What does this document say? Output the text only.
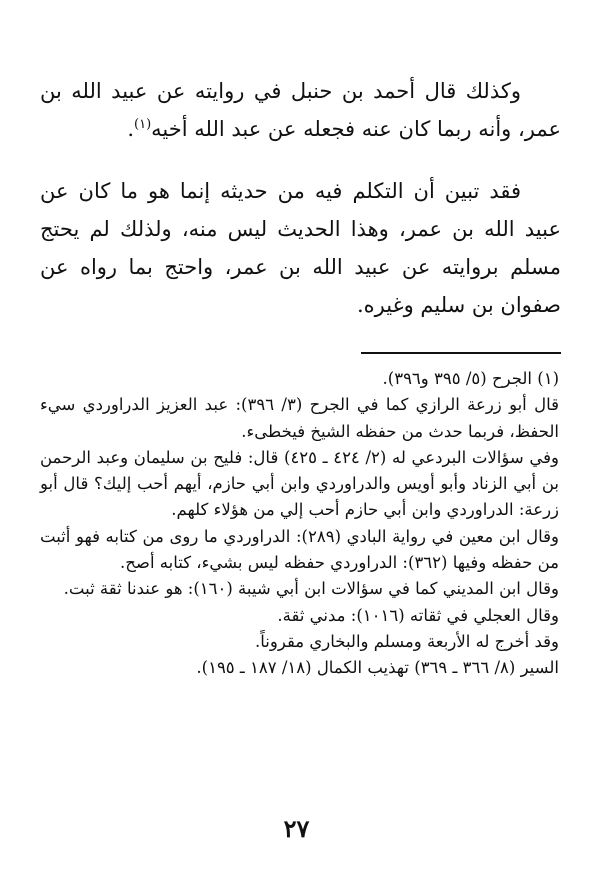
وكذلك قال أحمد بن حنبل في روايته عن عبيد الله بن عمر، وأنه ربما كان عنه فجعله عن عبد الله أخيه$^{(١)}$.

فقد تبين أن التكلم فيه من حديثه إنما هو ما كان عن عبيد الله بن عمر، وهذا الحديث ليس منه، ولذلك لم يحتج مسلم بروايته عن عبيد الله بن عمر، واحتج بما رواه عن صفوان بن سليم وغيره.

(١) الجرح (٥/ ٣٩٥ و٣٩٦).

قال أبو زرعة الرازي كما في الجرح (٣/ ٣٩٦): عبد العزيز الدراوردي سيء الحفظ، فربما حدث من حفظه الشيخ فيخطىء.

وفي سؤالات البردعي له (٢/ ٤٢٤ ـ ٤٢٥) قال: فليح بن سليمان وعبد الرحمن بن أبي الزناد وأبو أويس والدراوردي وابن أبي حازم، أيهم أحب إليك؟ قال أبو زرعة: الدراوردي وابن أبي حازم أحب إلي من هؤلاء كلهم.

وقال ابن معين في رواية البادي (٢٨٩): الدراوردي ما روى من كتابه فهو أثبت من حفظه وفيها (٣٦٢): الدراوردي حفظه ليس بشيء، كتابه أصح.

وقال ابن المديني كما في سؤالات ابن أبي شيبة (١٦٠): هو عندنا ثقة ثبت.

وقال العجلي في ثقاته (١٠١٦): مدني ثقة.

وقد أخرج له الأربعة ومسلم والبخاري مقروناً.

السير (٨/ ٣٦٦ ـ ٣٦٩) تهذيب الكمال (١٨/ ١٨٧ ـ ١٩٥).

٢٧
